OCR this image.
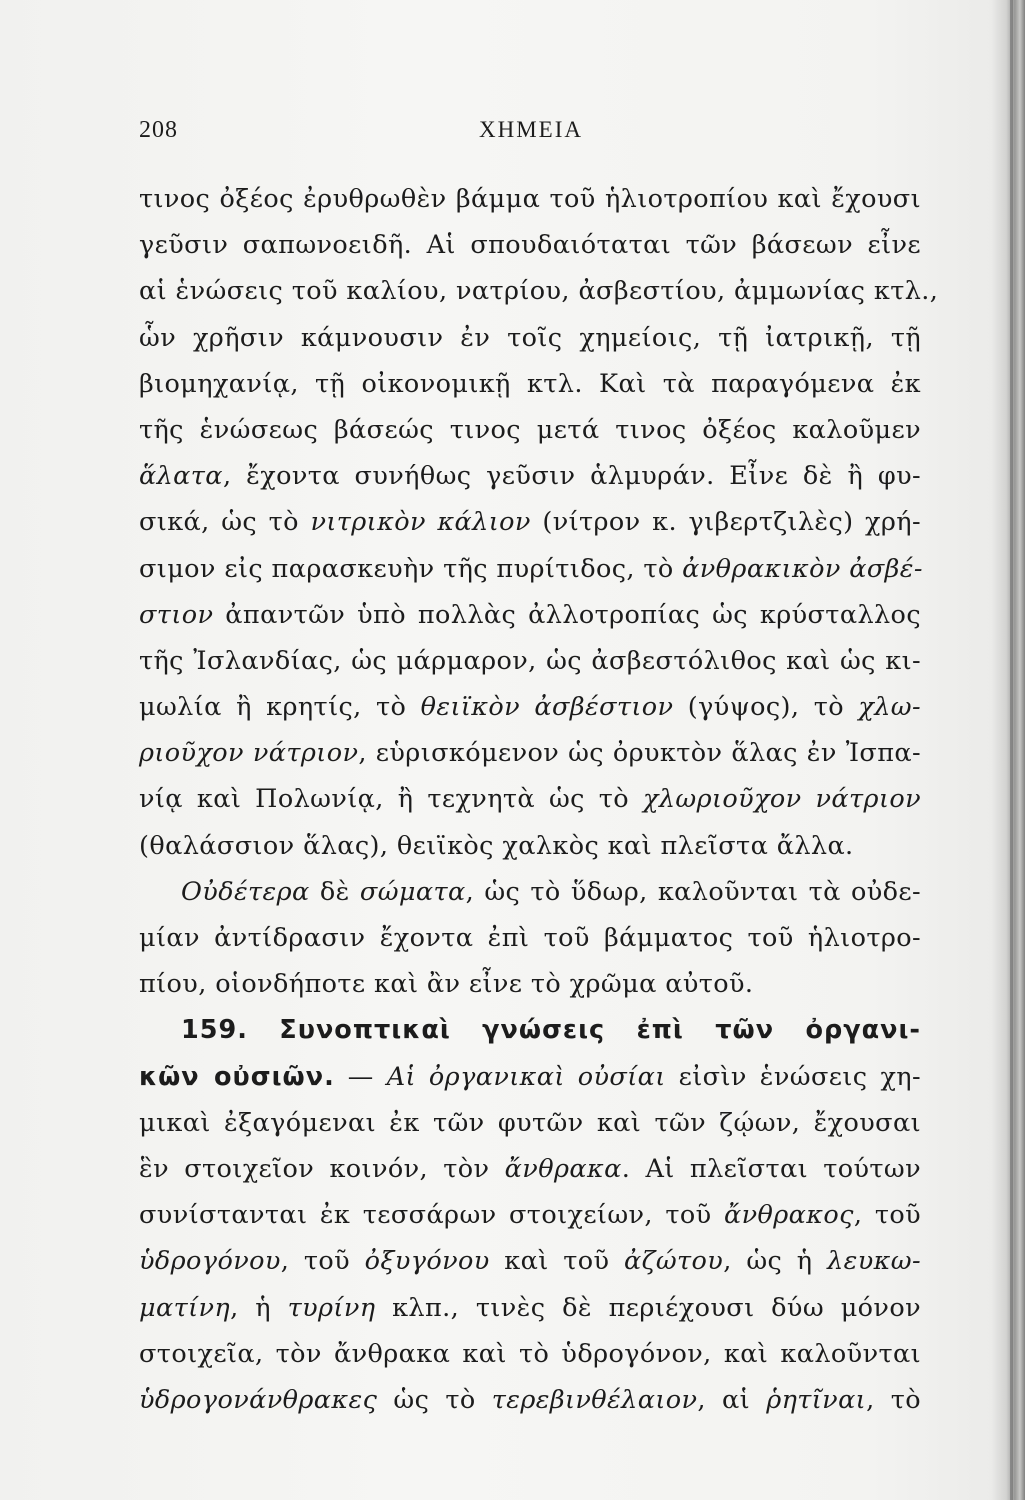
208	ΧΗΜΕΙΑ
τινος ὀξέος ἐρυθρωθὲν βάμμα τοῦ ἡλιοτροπίου καὶ ἔχουσι
γεῦσιν σαπωνοειδῆ. Αἱ σπουδαιόταται τῶν βάσεων εἶνε
αἱ ἑνώσεις τοῦ καλίου, νατρίου, ἀσβεστίου, ἀμμωνίας κτλ.,
ὧν χρῆσιν κάμνουσιν ἐν τοῖς χημείοις, τῇ ἰατρικῇ, τῇ
βιομηχανίᾳ, τῇ οἰκονομικῇ κτλ. Καὶ τὰ παραγόμενα ἐκ
τῆς ἑνώσεως βάσεώς τινος μετά τινος ὀξέος καλοῦμεν
ἅλατα, ἔχοντα συνήθως γεῦσιν ἁλμυράν. Εἶνε δὲ ἢ φυ-
σικά, ὡς τὸ νιτρικὸν κάλιον (νίτρον κ. γιβερτζιλὲς) χρή-
σιμον εἰς παρασκευὴν τῆς πυρίτιδος, τὸ ἀνθρακικὸν ἀσβέ-
στιον ἀπαντῶν ὑπὸ πολλὰς ἀλλοτροπίας ὡς κρύσταλλος
τῆς Ἰσλανδίας, ὡς μάρμαρον, ὡς ἀσβεστόλιθος καὶ ὡς κι-
μωλία ἢ κρητίς, τὸ θειϊκὸν ἀσβέστιον (γύψος), τὸ χλω-
ριοῦχον νάτριον, εὑρισκόμενον ὡς ὀρυκτὸν ἅλας ἐν Ἰσπα-
νίᾳ καὶ Πολωνίᾳ, ἢ τεχνητὰ ὡς τὸ χλωριοῦχον νάτριον
(θαλάσσιον ἅλας), θειϊκὸς χαλκὸς καὶ πλεῖστα ἄλλα.
Οὐδέτερα δὲ σώματα, ὡς τὸ ὕδωρ, καλοῦνται τὰ οὐδε-
μίαν ἀντίδρασιν ἔχοντα ἐπὶ τοῦ βάμματος τοῦ ἡλιοτρο-
πίου, οἱονδήποτε καὶ ἂν εἶνε τὸ χρῶμα αὐτοῦ.
159. Συνοπτικαὶ γνώσεις ἐπὶ τῶν ὀργανι-
κῶν οὐσιῶν. — Αἱ ὀργανικαὶ οὐσίαι εἰσὶν ἑνώσεις χη-
μικαὶ ἐξαγόμεναι ἐκ τῶν φυτῶν καὶ τῶν ζῴων, ἔχουσαι
ἓν στοιχεῖον κοινόν, τὸν ἄνθρακα. Αἱ πλεῖσται τούτων
συνίστανται ἐκ τεσσάρων στοιχείων, τοῦ ἄνθρακος, τοῦ
ὑδρογόνου, τοῦ ὀξυγόνου καὶ τοῦ ἀζώτου, ὡς ἡ λευκω-
ματίνη, ἡ τυρίνη κλπ., τινὲς δὲ περιέχουσι δύω μόνον
στοιχεῖα, τὸν ἄνθρακα καὶ τὸ ὑδρογόνον, καὶ καλοῦνται
ὑδρογονάνθρακες ὡς τὸ τερεβινθέλαιον, αἱ ῥητῖναι, τὸ
